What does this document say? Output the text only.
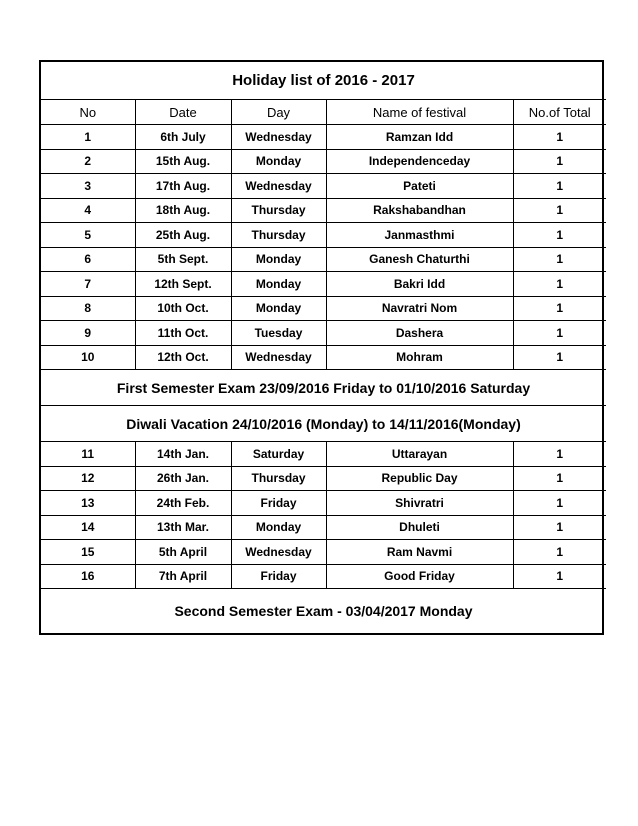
Holiday list of 2016 - 2017				
No	Date	Day	Name of festival	No.of Total
1	6th July	Wednesday	Ramzan Idd	1
2	15th Aug.	Monday	Independenceday	1
3	17th Aug.	Wednesday	Pateti	1
4	18th Aug.	Thursday	Rakshabandhan	1
5	25th Aug.	Thursday	Janmasthmi	1
6	5th Sept.	Monday	Ganesh Chaturthi	1
7	12th Sept.	Monday	Bakri Idd	1
8	10th Oct.	Monday	Navratri Nom	1
9	11th Oct.	Tuesday	Dashera	1
10	12th Oct.	Wednesday	Mohram	1
First Semester Exam 23/09/2016 Friday to 01/10/2016 Saturday				
Diwali Vacation 24/10/2016 (Monday) to 14/11/2016(Monday)				
11	14th Jan.	Saturday	Uttarayan	1
12	26th Jan.	Thursday	Republic Day	1
13	24th Feb.	Friday	Shivratri	1
14	13th Mar.	Monday	Dhuleti	1
15	5th April	Wednesday	Ram Navmi	1
16	7th April	Friday	Good Friday	1
Second Semester Exam - 03/04/2017 Monday				
